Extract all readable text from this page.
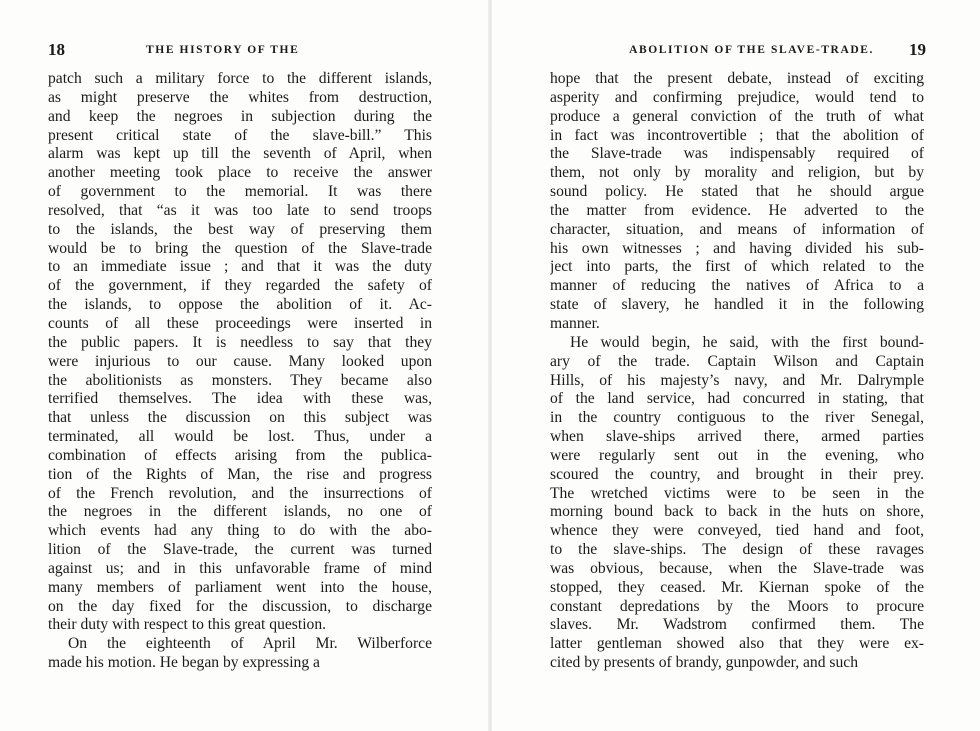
18	THE HISTORY OF THE
patch such a military force to the different islands,
as might preserve the whites from destruction,
and keep the negroes in subjection during the
present critical state of the slave-bill.” This
alarm was kept up till the seventh of April, when
another meeting took place to receive the answer
of government to the memorial. It was there
resolved, that “as it was too late to send troops
to the islands, the best way of preserving them
would be to bring the question of the Slave-trade
to an immediate issue ; and that it was the duty
of the government, if they regarded the safety of
the islands, to oppose the abolition of it. Ac-
counts of all these proceedings were inserted in
the public papers. It is needless to say that they
were injurious to our cause. Many looked upon
the abolitionists as monsters. They became also
terrified themselves. The idea with these was,
that unless the discussion on this subject was
terminated, all would be lost. Thus, under a
combination of effects arising from the publica-
tion of the Rights of Man, the rise and progress
of the French revolution, and the insurrections of
the negroes in the different islands, no one of
which events had any thing to do with the abo-
lition of the Slave-trade, the current was turned
against us; and in this unfavorable frame of mind
many members of parliament went into the house,
on the day fixed for the discussion, to discharge
their duty with respect to this great question.
On the eighteenth of April Mr. Wilberforce
made his motion. He began by expressing a
ABOLITION OF THE SLAVE-TRADE. 19
hope that the present debate, instead of exciting
asperity and confirming prejudice, would tend to
produce a general conviction of the truth of what
in fact was incontrovertible ; that the abolition of
the Slave-trade was indispensably required of
them, not only by morality and religion, but by
sound policy. He stated that he should argue
the matter from evidence. He adverted to the
character, situation, and means of information of
his own witnesses ; and having divided his sub-
ject into parts, the first of which related to the
manner of reducing the natives of Africa to a
state of slavery, he handled it in the following
manner.
He would begin, he said, with the first bound-
ary of the trade. Captain Wilson and Captain
Hills, of his majesty’s navy, and Mr. Dalrymple
of the land service, had concurred in stating, that
in the country contiguous to the river Senegal,
when slave-ships arrived there, armed parties
were regularly sent out in the evening, who
scoured the country, and brought in their prey.
The wretched victims were to be seen in the
morning bound back to back in the huts on shore,
whence they were conveyed, tied hand and foot,
to the slave-ships. The design of these ravages
was obvious, because, when the Slave-trade was
stopped, they ceased. Mr. Kiernan spoke of the
constant depredations by the Moors to procure
slaves. Mr. Wadstrom confirmed them. The
latter gentleman showed also that they were ex-
cited by presents of brandy, gunpowder, and such
